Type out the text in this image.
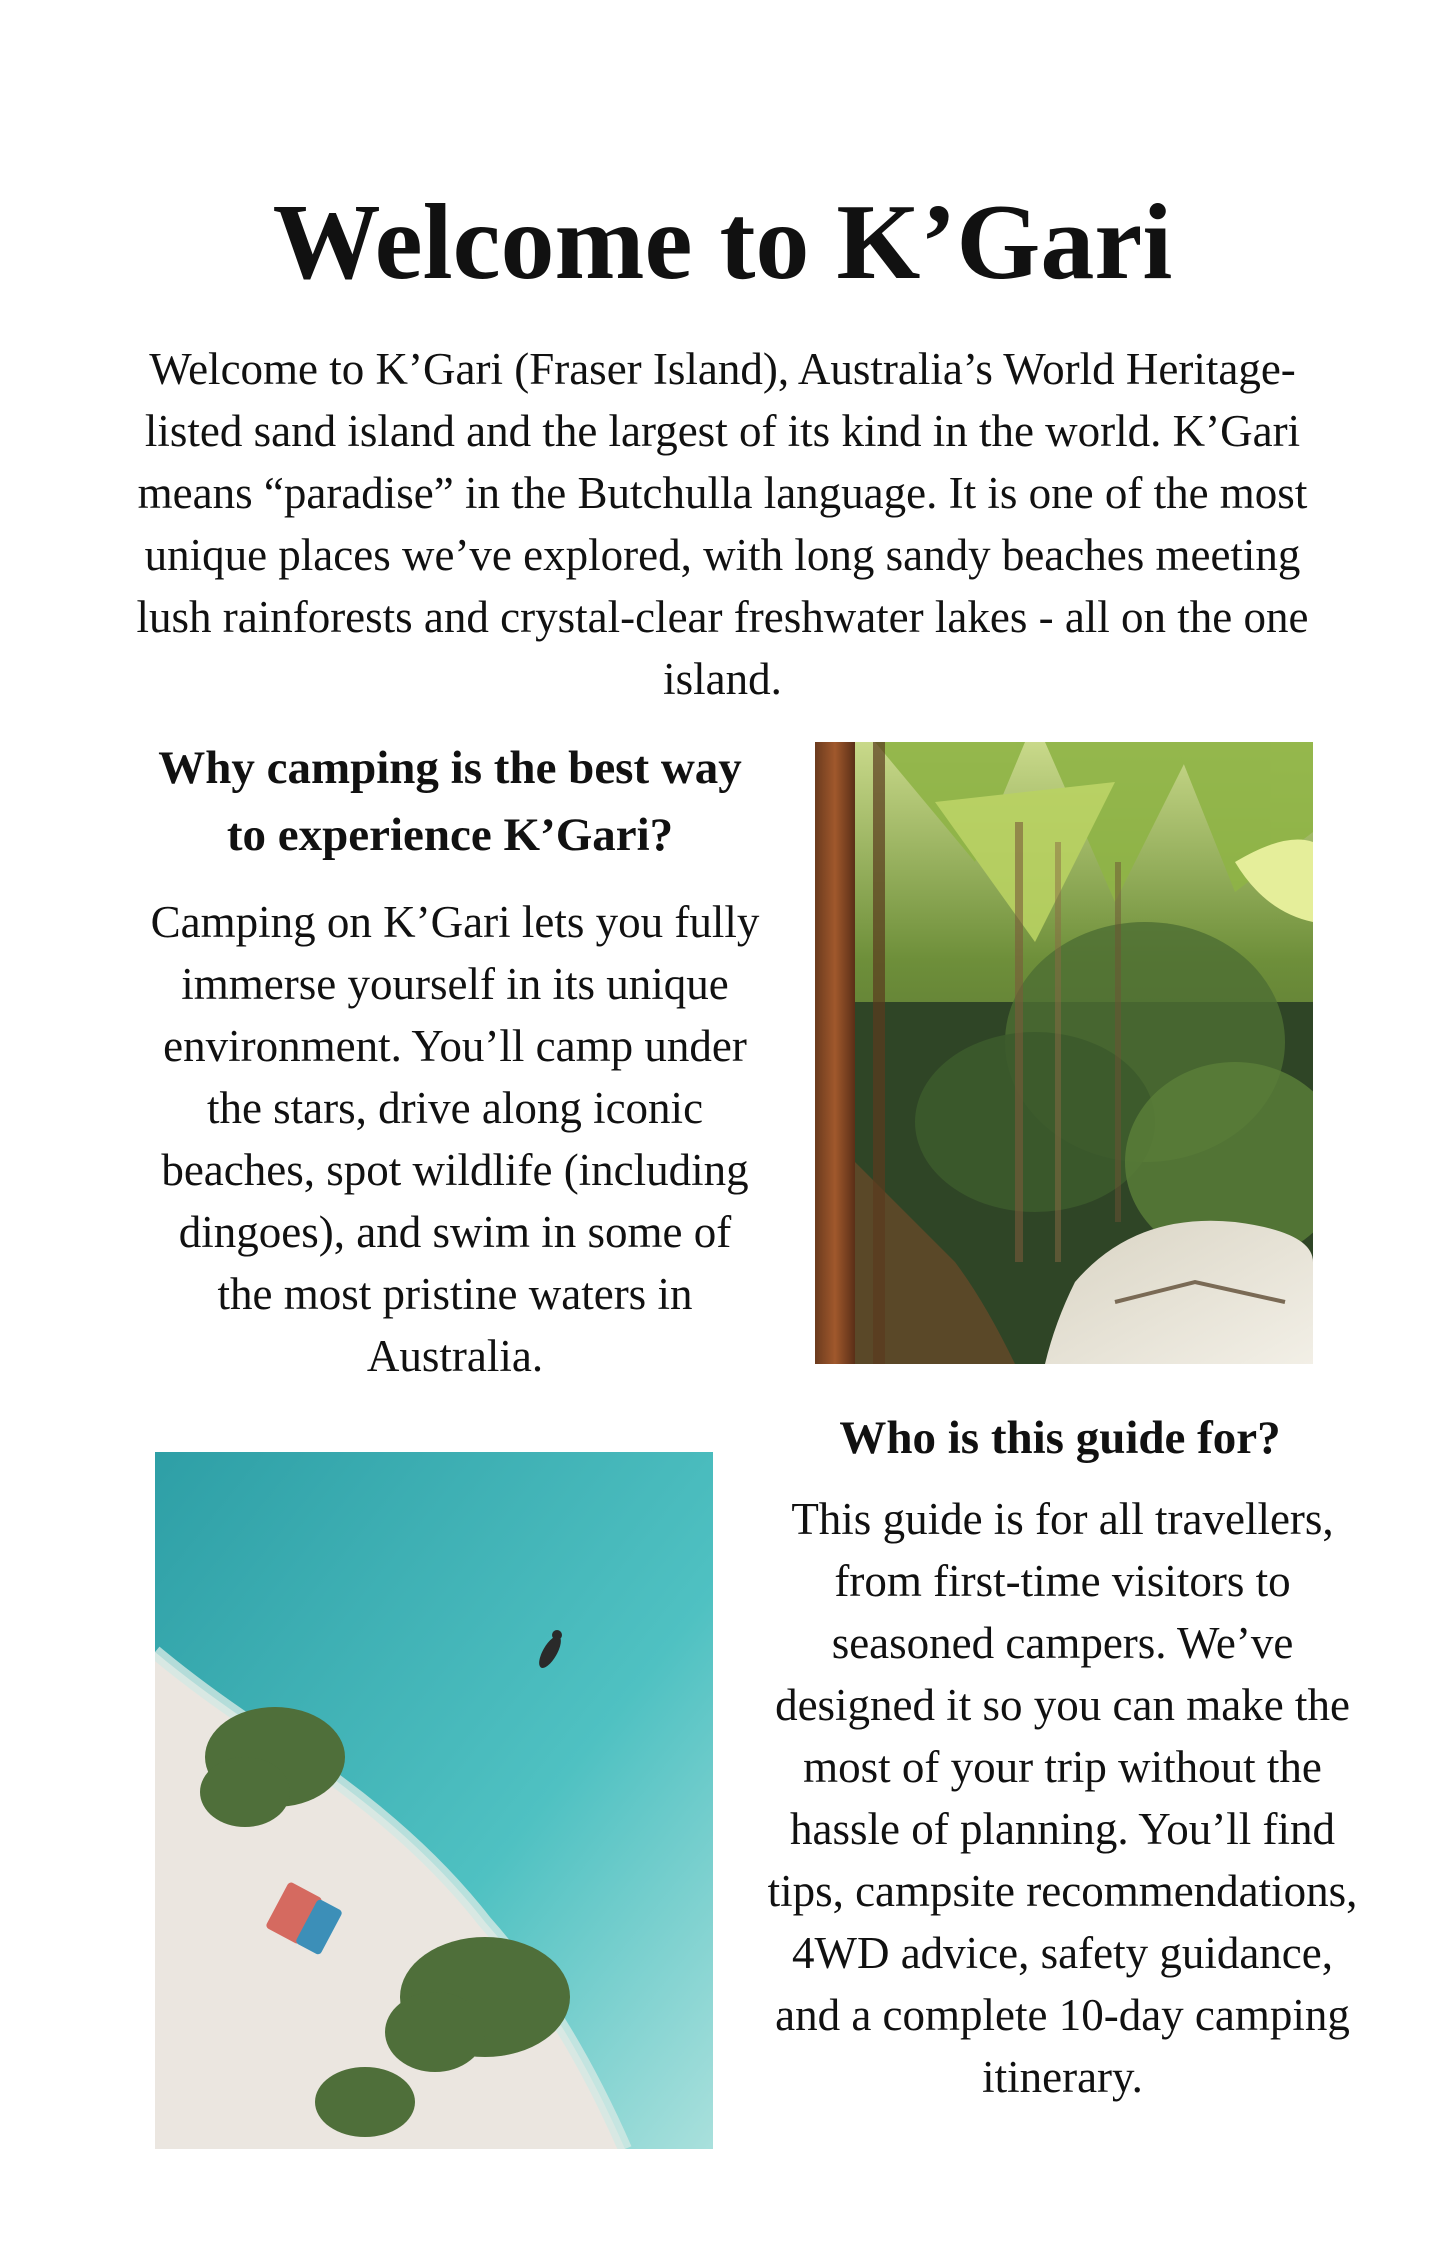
Welcome to K’Gari

Welcome to K’Gari (Fraser Island), Australia’s World Heritage-listed sand island and the largest of its kind in the world. K’Gari means “paradise” in the Butchulla language. It is one of the most unique places we’ve explored, with long sandy beaches meeting lush rainforests and crystal-clear freshwater lakes - all on the one island.

Why camping is the best way to experience K’Gari?

Camping on K’Gari lets you fully immerse yourself in its unique environment. You’ll camp under the stars, drive along iconic beaches, spot wildlife (including dingoes), and swim in some of the most pristine waters in Australia.

Who is this guide for?

This guide is for all travellers, from first-time visitors to seasoned campers. We’ve designed it so you can make the most of your trip without the hassle of planning. You’ll find tips, campsite recommendations, 4WD advice, safety guidance, and a complete 10-day camping itinerary.
